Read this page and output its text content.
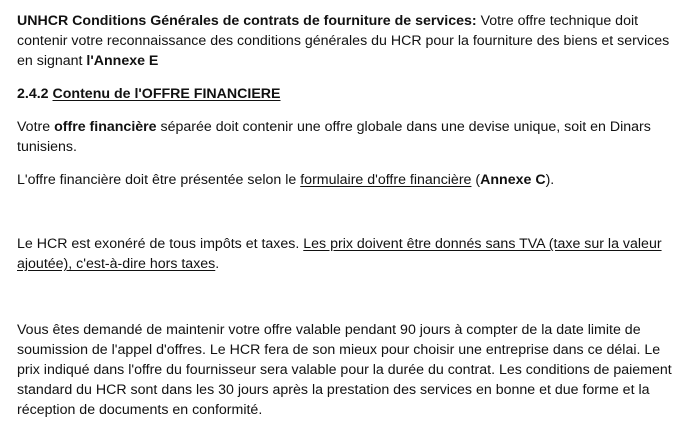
UNHCR Conditions Générales de contrats de fourniture de services: Votre offre technique doit contenir votre reconnaissance des conditions générales du HCR pour la fourniture des biens et services en signant l'Annexe E

2.4.2 Contenu de l'OFFRE FINANCIERE

Votre offre financière séparée doit contenir une offre globale dans une devise unique, soit en Dinars tunisiens.

L'offre financière doit être présentée selon le formulaire d'offre financière (Annexe C).

Le HCR est exonéré de tous impôts et taxes. Les prix doivent être donnés sans TVA (taxe sur la valeur ajoutée), c'est-à-dire hors taxes.

Vous êtes demandé de maintenir votre offre valable pendant 90 jours à compter de la date limite de soumission de l'appel d'offres. Le HCR fera de son mieux pour choisir une entreprise dans ce délai. Le prix indiqué dans l'offre du fournisseur sera valable pour la durée du contrat. Les conditions de paiement standard du HCR sont dans les 30 jours après la prestation des services en bonne et due forme et la réception de documents en conformité.
